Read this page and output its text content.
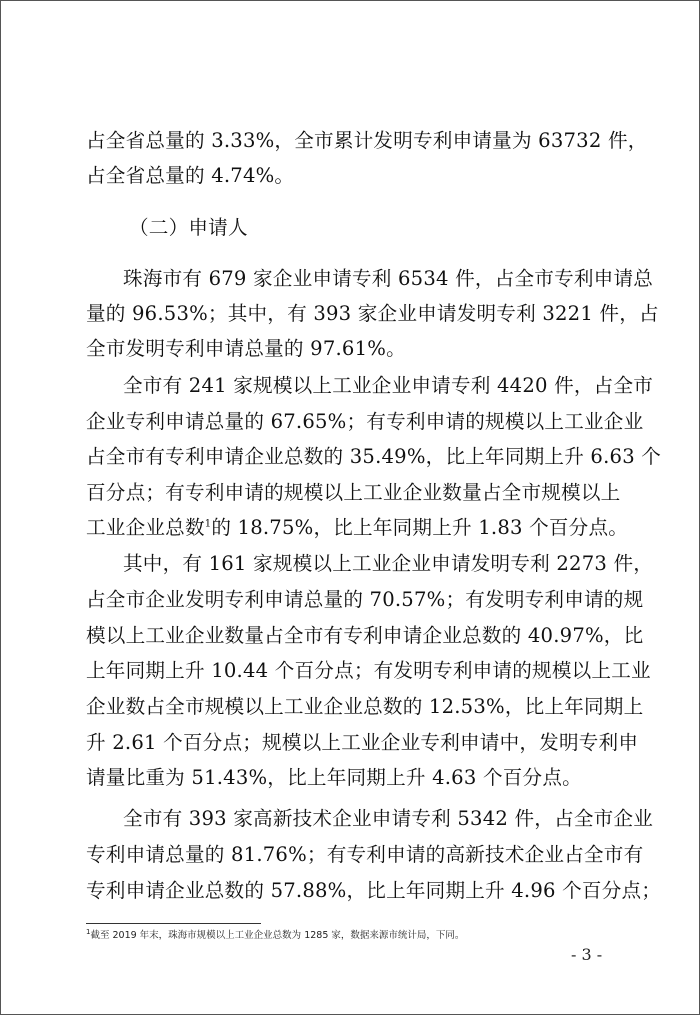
占全省总量的 3.33%，全市累计发明专利申请量为 63732 件，
占全省总量的 4.74%。
（二）申请人
珠海市有 679 家企业申请专利 6534 件，占全市专利申请总
量的 96.53%；其中，有 393 家企业申请发明专利 3221 件，占
全市发明专利申请总量的 97.61%。
全市有 241 家规模以上工业企业申请专利 4420 件，占全市
企业专利申请总量的 67.65%；有专利申请的规模以上工业企业
占全市有专利申请企业总数的 35.49%，比上年同期上升 6.63 个
百分点；有专利申请的规模以上工业企业数量占全市规模以上
工业企业总数$^1$的 18.75%，比上年同期上升 1.83 个百分点。
其中，有 161 家规模以上工业企业申请发明专利 2273 件，
占全市企业发明专利申请总量的 70.57%；有发明专利申请的规
模以上工业企业数量占全市有专利申请企业总数的 40.97%，比
上年同期上升 10.44 个百分点；有发明专利申请的规模以上工业
企业数占全市规模以上工业企业总数的 12.53%，比上年同期上
升 2.61 个百分点；规模以上工业企业专利申请中，发明专利申
请量比重为 51.43%，比上年同期上升 4.63 个百分点。
全市有 393 家高新技术企业申请专利 5342 件，占全市企业
专利申请总量的 81.76%；有专利申请的高新技术企业占全市有
专利申请企业总数的 57.88%，比上年同期上升 4.96 个百分点；
$^1$截至 2019 年末，珠海市规模以上工业企业总数为 1285 家，数据来源市统计局，下同。
- 3 -
